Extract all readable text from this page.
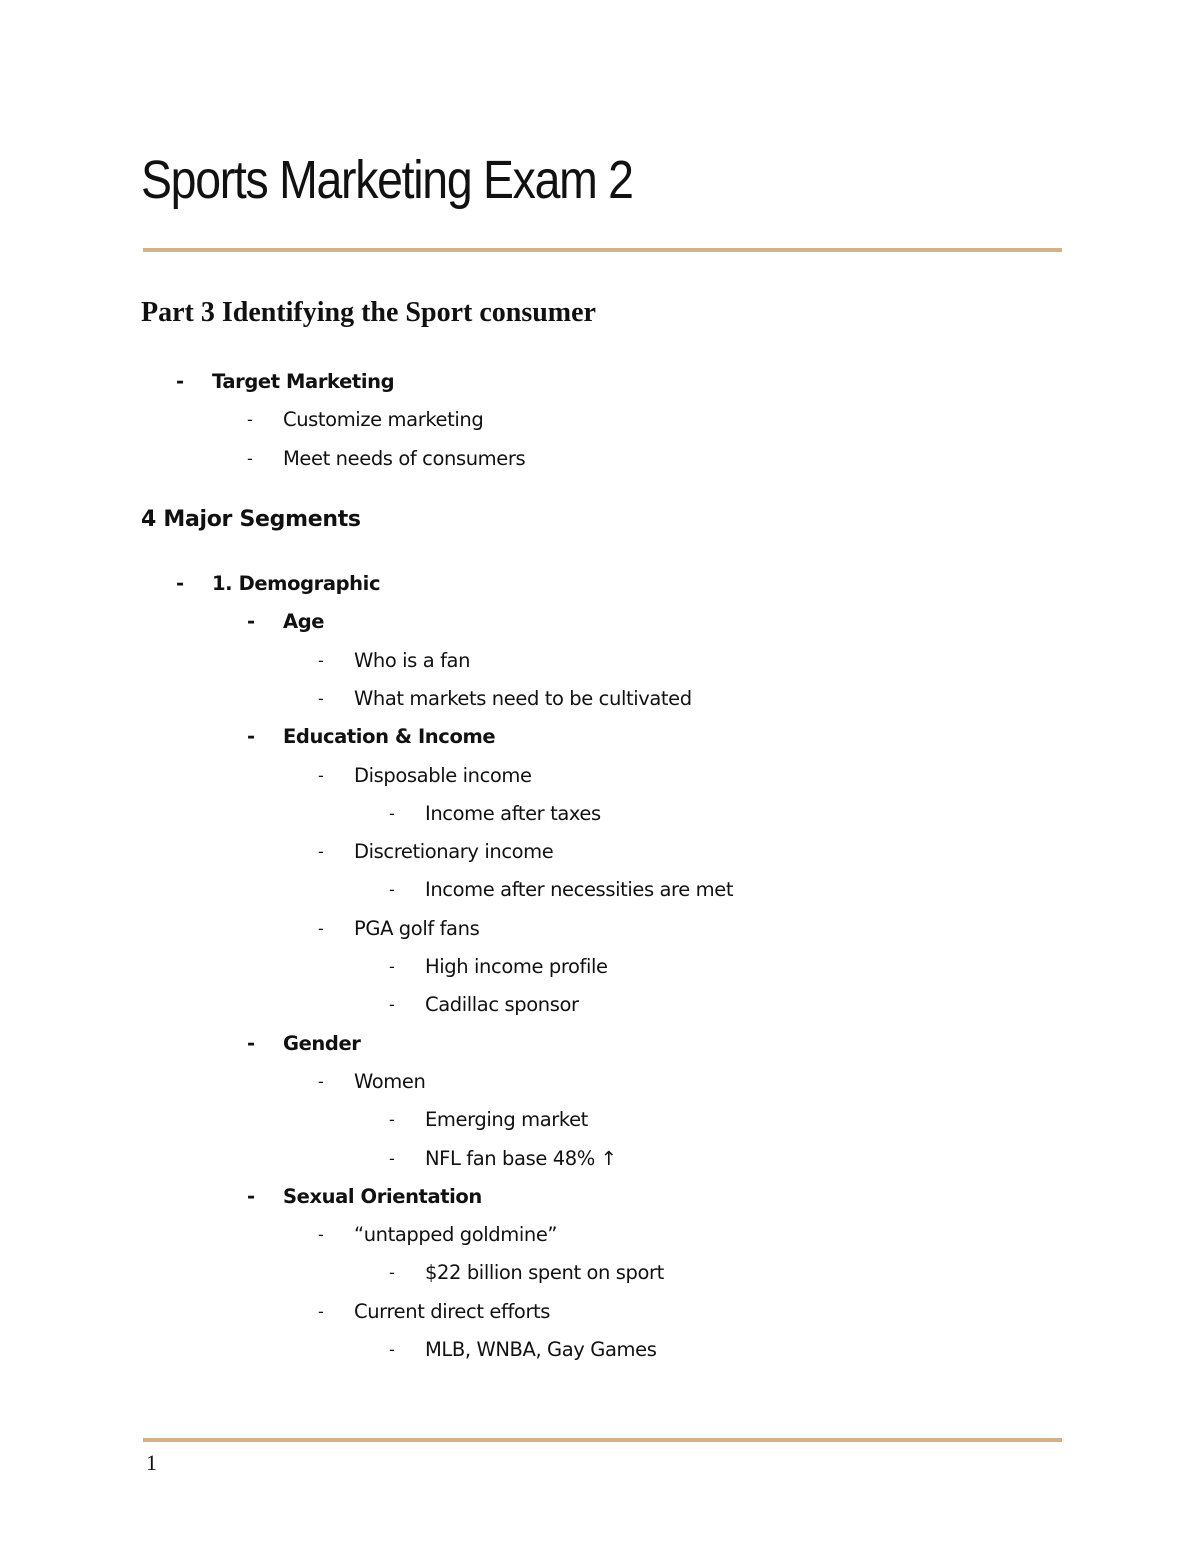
Sports Marketing Exam 2
Part 3 Identifying the Sport consumer
- Target Marketing
- Customize marketing
- Meet needs of consumers
4 Major Segments
- 1. Demographic
- Age
- Who is a fan
- What markets need to be cultivated
- Education & Income
- Disposable income
- Income after taxes
- Discretionary income
- Income after necessities are met
- PGA golf fans
- High income profile
- Cadillac sponsor
- Gender
- Women
- Emerging market
- NFL fan base 48% ↑
- Sexual Orientation
- “untapped goldmine”
- $22 billion spent on sport
- Current direct efforts
- MLB, WNBA, Gay Games
1
